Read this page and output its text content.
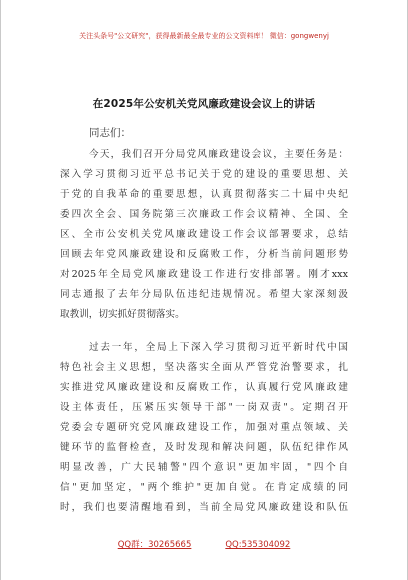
关注头条号"公文研究"，获得最新最全最专业的公文资料库！ 微信：gongwenyj
在2025年公安机关党风廉政建设会议上的讲话
同志们：
今天，我们召开分局党风廉政建设会议，主要任务是：
深入学习贯彻习近平总书记关于党的建设的重要思想、关
于党的自我革命的重要思想，认真贯彻落实二十届中央纪
委四次全会、国务院第三次廉政工作会议精神、全国、全
区、全市公安机关党风廉政建设工作会议部署要求，总结
回顾去年党风廉政建设和反腐败工作，分析当前问题形势
对2025年全局党风廉政建设工作进行安排部署。刚才xxx
同志通报了去年分局队伍违纪违规情况。希望大家深刻汲
取教训，切实抓好贯彻落实。
过去一年，全局上下深入学习贯彻习近平新时代中国
特色社会主义思想，坚决落实全面从严管党治警要求，扎
实推进党风廉政建设和反腐败工作，认真履行党风廉政建
设主体责任，压紧压实领导干部"一岗双责"。定期召开
党委会专题研究党风廉政建设工作，加强对重点领域、关
键环节的监督检查，及时发现和解决问题，队伍纪律作风
明显改善，广大民辅警"四个意识"更加牢固，"四个自
信"更加坚定，"两个维护"更加自觉。在肯定成绩的同
时，我们也要清醒地看到，当前全局党风廉政建设和队伍
QQ群：30265665	QQ:535304092
